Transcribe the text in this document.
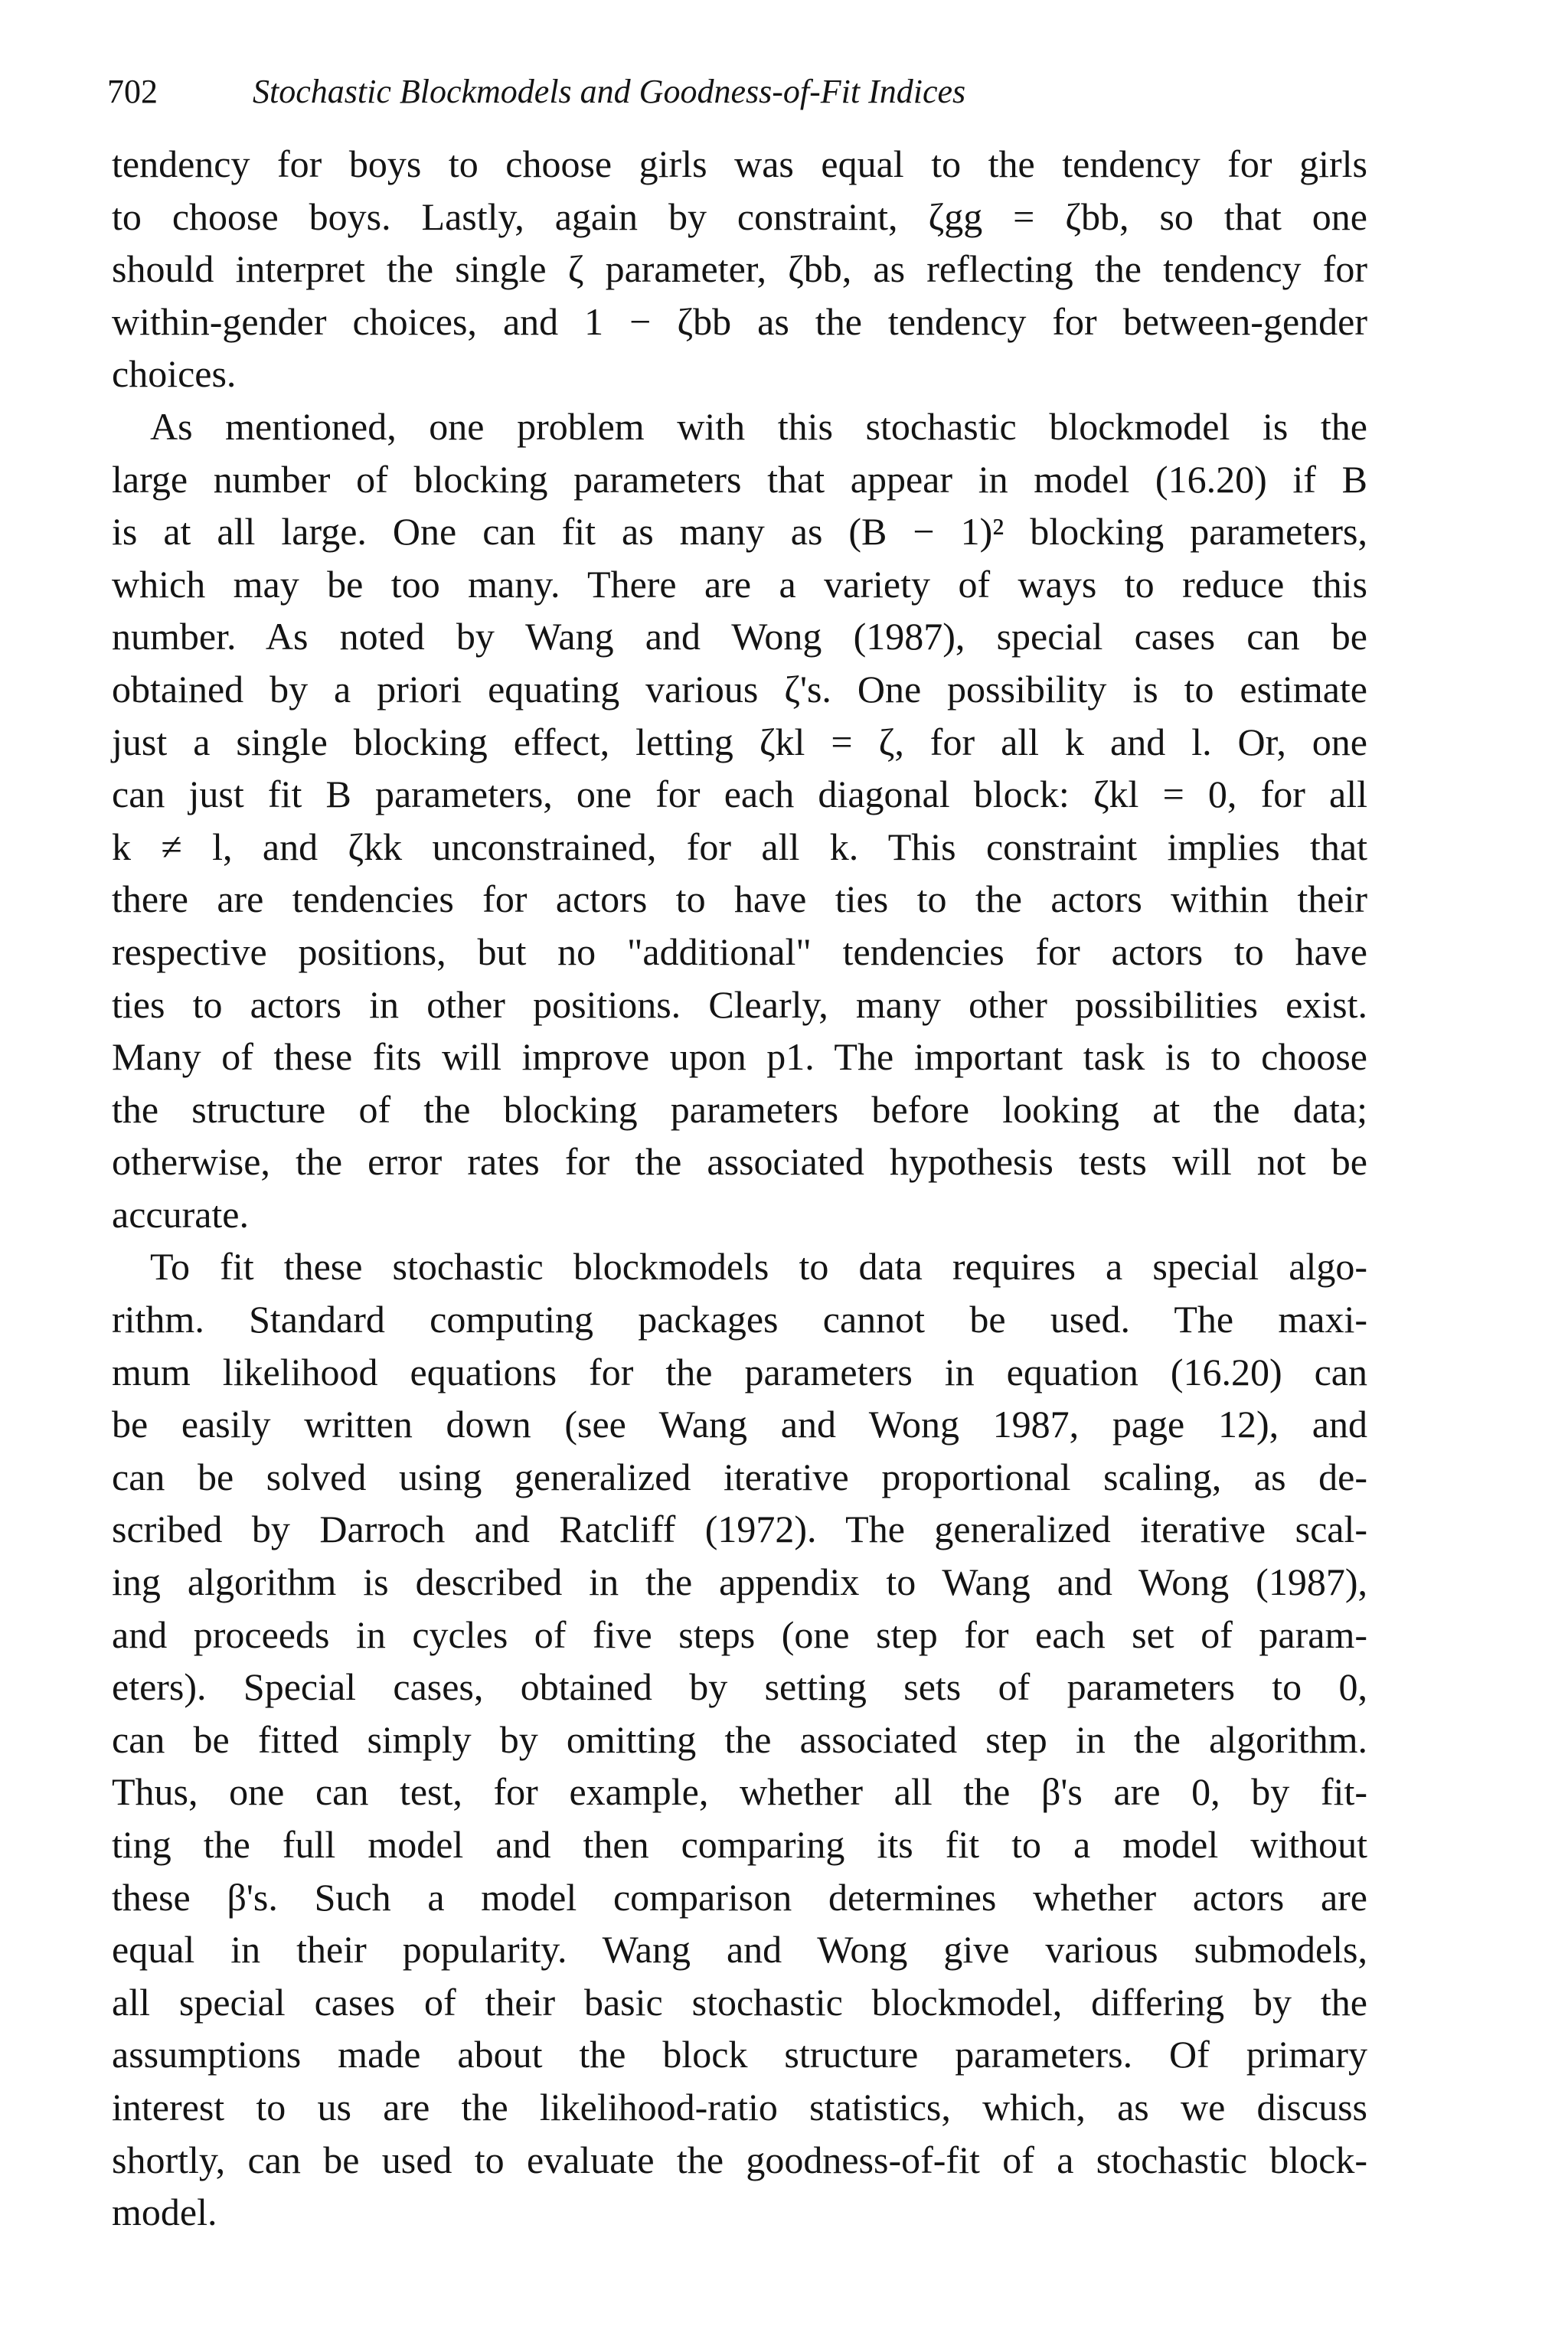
702	Stochastic Blockmodels and Goodness-of-Fit Indices
tendency for boys to choose girls was equal to the tendency for girls
to choose boys. Lastly, again by constraint, ζgg = ζbb, so that one
should interpret the single ζ parameter, ζbb, as reflecting the tendency for
within-gender choices, and 1 − ζbb as the tendency for between-gender
choices.
As mentioned, one problem with this stochastic blockmodel is the
large number of blocking parameters that appear in model (16.20) if B
is at all large. One can fit as many as (B − 1)² blocking parameters,
which may be too many. There are a variety of ways to reduce this
number. As noted by Wang and Wong (1987), special cases can be
obtained by a priori equating various ζ's. One possibility is to estimate
just a single blocking effect, letting ζkl = ζ, for all k and l. Or, one
can just fit B parameters, one for each diagonal block: ζkl = 0, for all
k ≠ l, and ζkk unconstrained, for all k. This constraint implies that
there are tendencies for actors to have ties to the actors within their
respective positions, but no "additional" tendencies for actors to have
ties to actors in other positions. Clearly, many other possibilities exist.
Many of these fits will improve upon p1. The important task is to choose
the structure of the blocking parameters before looking at the data;
otherwise, the error rates for the associated hypothesis tests will not be
accurate.
To fit these stochastic blockmodels to data requires a special algo-
rithm. Standard computing packages cannot be used. The maxi-
mum likelihood equations for the parameters in equation (16.20) can
be easily written down (see Wang and Wong 1987, page 12), and
can be solved using generalized iterative proportional scaling, as de-
scribed by Darroch and Ratcliff (1972). The generalized iterative scal-
ing algorithm is described in the appendix to Wang and Wong (1987),
and proceeds in cycles of five steps (one step for each set of param-
eters). Special cases, obtained by setting sets of parameters to 0,
can be fitted simply by omitting the associated step in the algorithm.
Thus, one can test, for example, whether all the β's are 0, by fit-
ting the full model and then comparing its fit to a model without
these β's. Such a model comparison determines whether actors are
equal in their popularity. Wang and Wong give various submodels,
all special cases of their basic stochastic blockmodel, differing by the
assumptions made about the block structure parameters. Of primary
interest to us are the likelihood-ratio statistics, which, as we discuss
shortly, can be used to evaluate the goodness-of-fit of a stochastic block-
model.
